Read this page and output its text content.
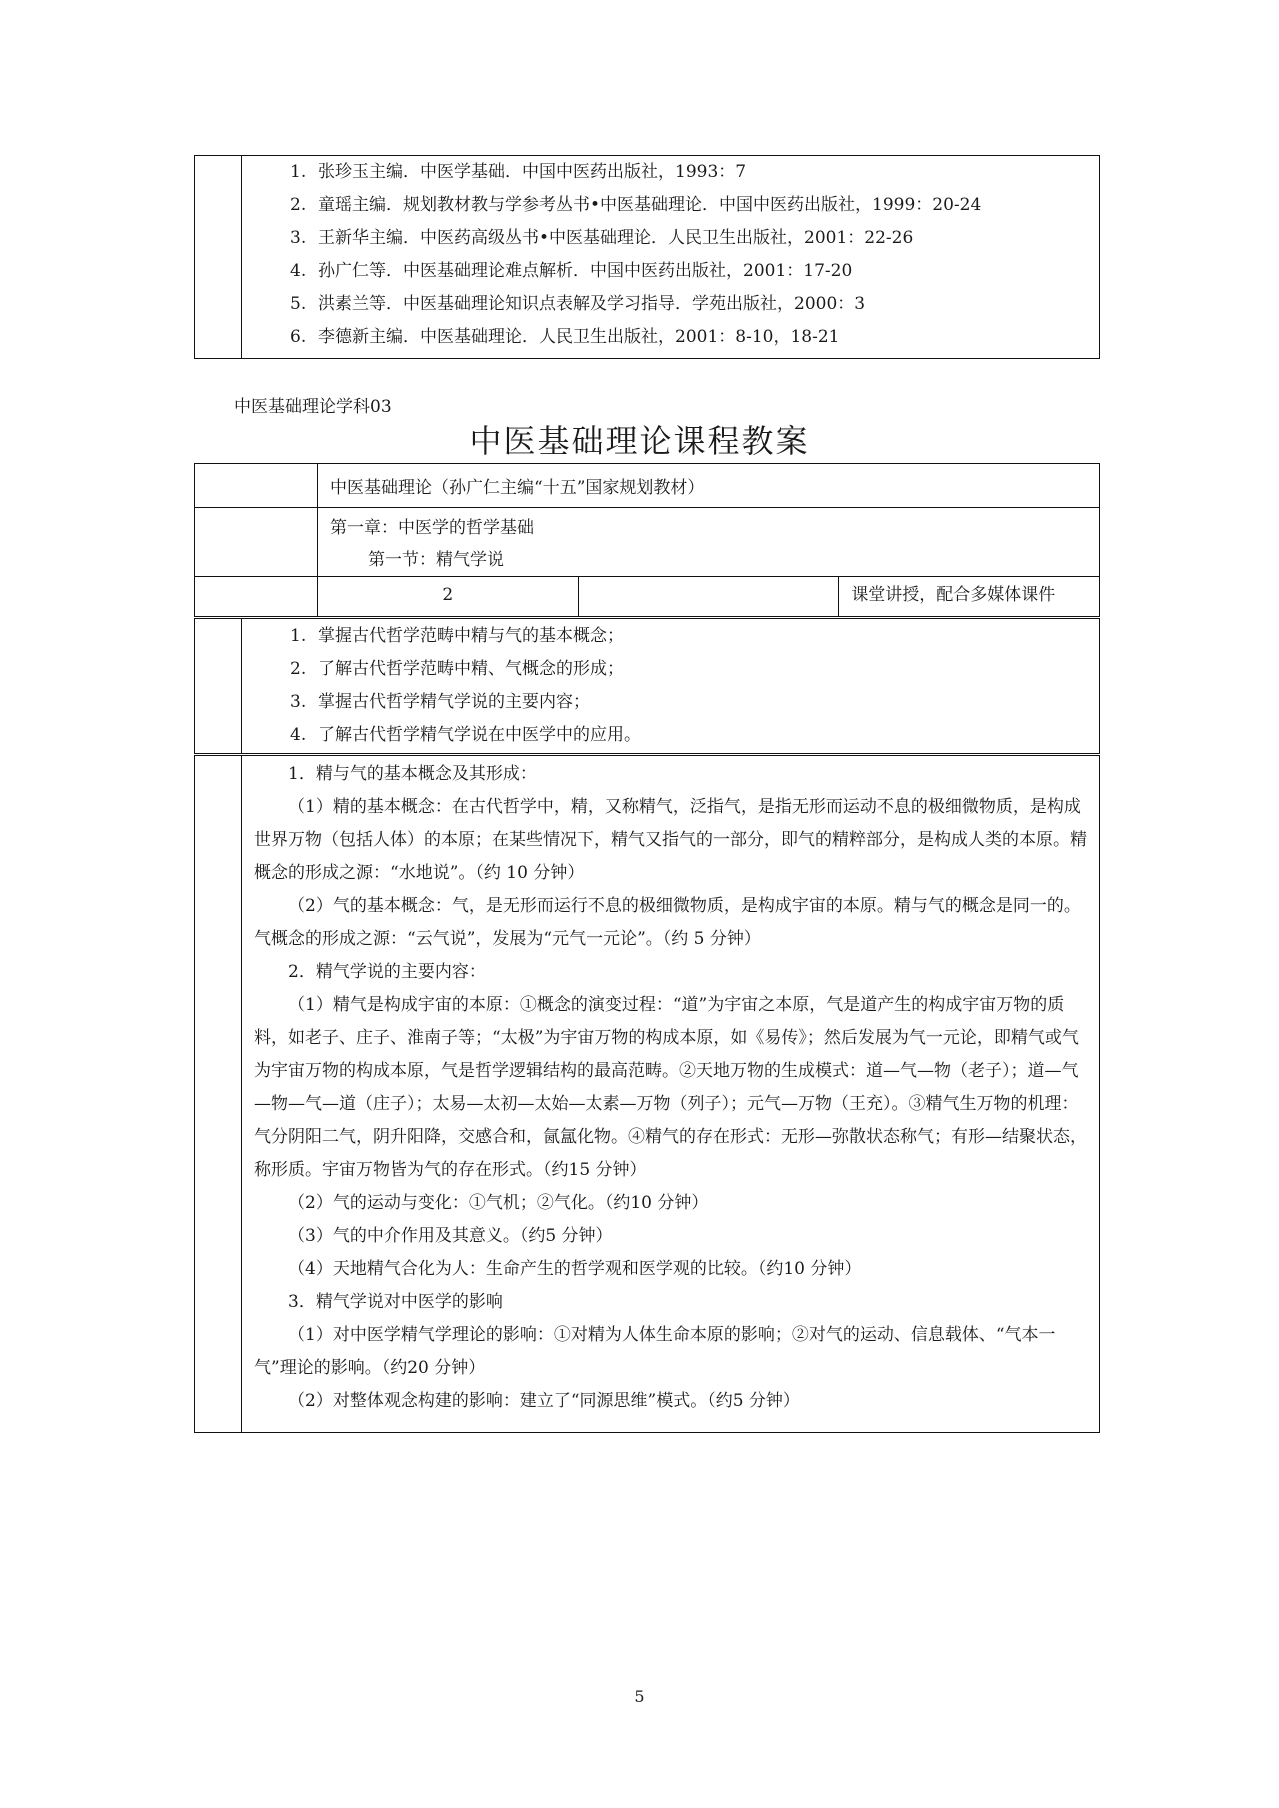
1. 张珍玉主编．中医学基础．中国中医药出版社，1993：7
2. 童瑶主编．规划教材教与学参考丛书•中医基础理论．中国中医药出版社，1999：20-24
3. 王新华主编．中医药高级丛书•中医基础理论．人民卫生出版社，2001：22-26
4. 孙广仁等．中医基础理论难点解析．中国中医药出版社，2001：17-20
5. 洪素兰等．中医基础理论知识点表解及学习指导．学苑出版社，2000：3
6. 李德新主编．中医基础理论．人民卫生出版社，2001：8-10，18-21
中医基础理论学科03
中医基础理论课程教案

	中医基础理论（孙广仁主编“十五”国家规划教材）		

	第一章：中医学的哲学基础
第一节：精气学说		

	2		课堂讲授，配合多媒体课件

1. 掌握古代哲学范畴中精与气的基本概念；
2. 了解古代哲学范畴中精、气概念的形成；
3. 掌握古代哲学精气学说的主要内容；
4. 了解古代哲学精气学说在中医学中的应用。

1．精与气的基本概念及其形成：

（1）精的基本概念：在古代哲学中，精，又称精气，泛指气，是指无形而运动不息的极细微物质，是构成世界万物（包括人体）的本原；在某些情况下，精气又指气的一部分，即气的精粹部分，是构成人类的本原。精概念的形成之源：“水地说”。（约 10 分钟）

（2）气的基本概念：气，是无形而运行不息的极细微物质，是构成宇宙的本原。精与气的概念是同一的。气概念的形成之源：“云气说”，发展为“元气一元论”。（约 5 分钟）

2．精气学说的主要内容：

（1）精气是构成宇宙的本原：①概念的演变过程：“道”为宇宙之本原，气是道产生的构成宇宙万物的质料，如老子、庄子、淮南子等；“太极”为宇宙万物的构成本原，如《易传》；然后发展为气一元论，即精气或气为宇宙万物的构成本原，气是哲学逻辑结构的最高范畴。②天地万物的生成模式：道—气—物（老子）；道—气—物—气—道（庄子）；太易—太初—太始—太素—万物（列子）；元气—万物（王充）。③精气生万物的机理：气分阴阳二气，阴升阳降，交感合和，氤氲化物。④精气的存在形式：无形—弥散状态称气；有形—结聚状态，称形质。宇宙万物皆为气的存在形式。（约15 分钟）

（2）气的运动与变化：①气机；②气化。（约10 分钟）

（3）气的中介作用及其意义。（约5 分钟）

（4）天地精气合化为人：生命产生的哲学观和医学观的比较。（约10 分钟）

3．精气学说对中医学的影响

（1）对中医学精气学理论的影响：①对精为人体生命本原的影响；②对气的运动、信息载体、“气本一气”理论的影响。（约20 分钟）

（2）对整体观念构建的影响：建立了“同源思维”模式。（约5 分钟）

5
